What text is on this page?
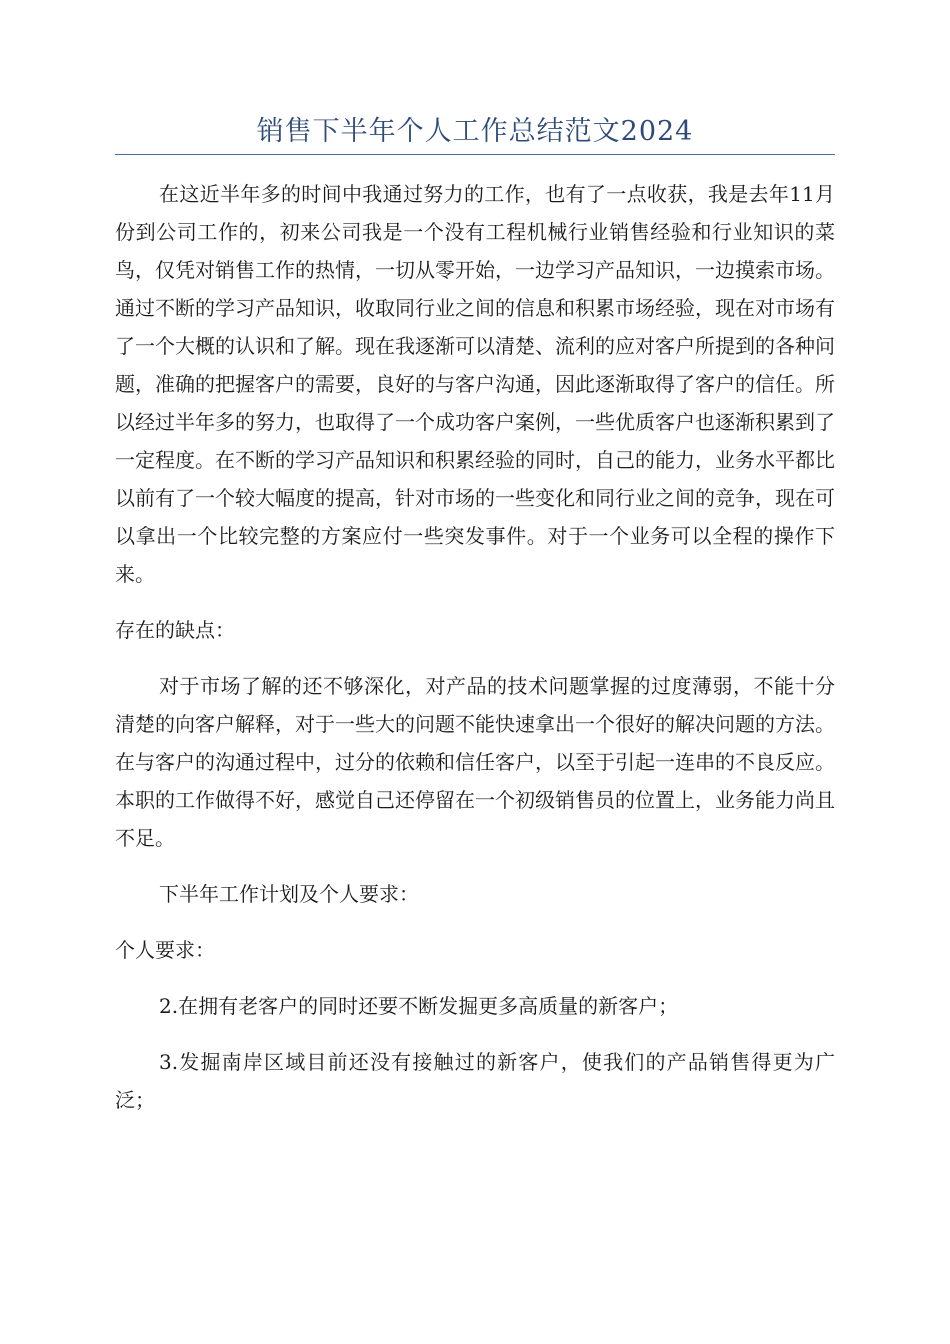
销售下半年个人工作总结范文2024

在这近半年多的时间中我通过努力的工作，也有了一点收获，我是去年11月份到公司工作的，初来公司我是一个没有工程机械行业销售经验和行业知识的菜鸟，仅凭对销售工作的热情，一切从零开始，一边学习产品知识，一边摸索市场。通过不断的学习产品知识，收取同行业之间的信息和积累市场经验，现在对市场有了一个大概的认识和了解。现在我逐渐可以清楚、流利的应对客户所提到的各种问题，准确的把握客户的需要，良好的与客户沟通，因此逐渐取得了客户的信任。所以经过半年多的努力，也取得了一个成功客户案例，一些优质客户也逐渐积累到了一定程度。在不断的学习产品知识和积累经验的同时，自己的能力，业务水平都比以前有了一个较大幅度的提高，针对市场的一些变化和同行业之间的竞争，现在可以拿出一个比较完整的方案应付一些突发事件。对于一个业务可以全程的操作下来。

存在的缺点：

对于市场了解的还不够深化，对产品的技术问题掌握的过度薄弱，不能十分清楚的向客户解释，对于一些大的问题不能快速拿出一个很好的解决问题的方法。在与客户的沟通过程中，过分的依赖和信任客户，以至于引起一连串的不良反应。本职的工作做得不好，感觉自己还停留在一个初级销售员的位置上，业务能力尚且不足。

下半年工作计划及个人要求：

个人要求：

2.在拥有老客户的同时还要不断发掘更多高质量的新客户；

3.发掘南岸区域目前还没有接触过的新客户，使我们的产品销售得更为广泛；
